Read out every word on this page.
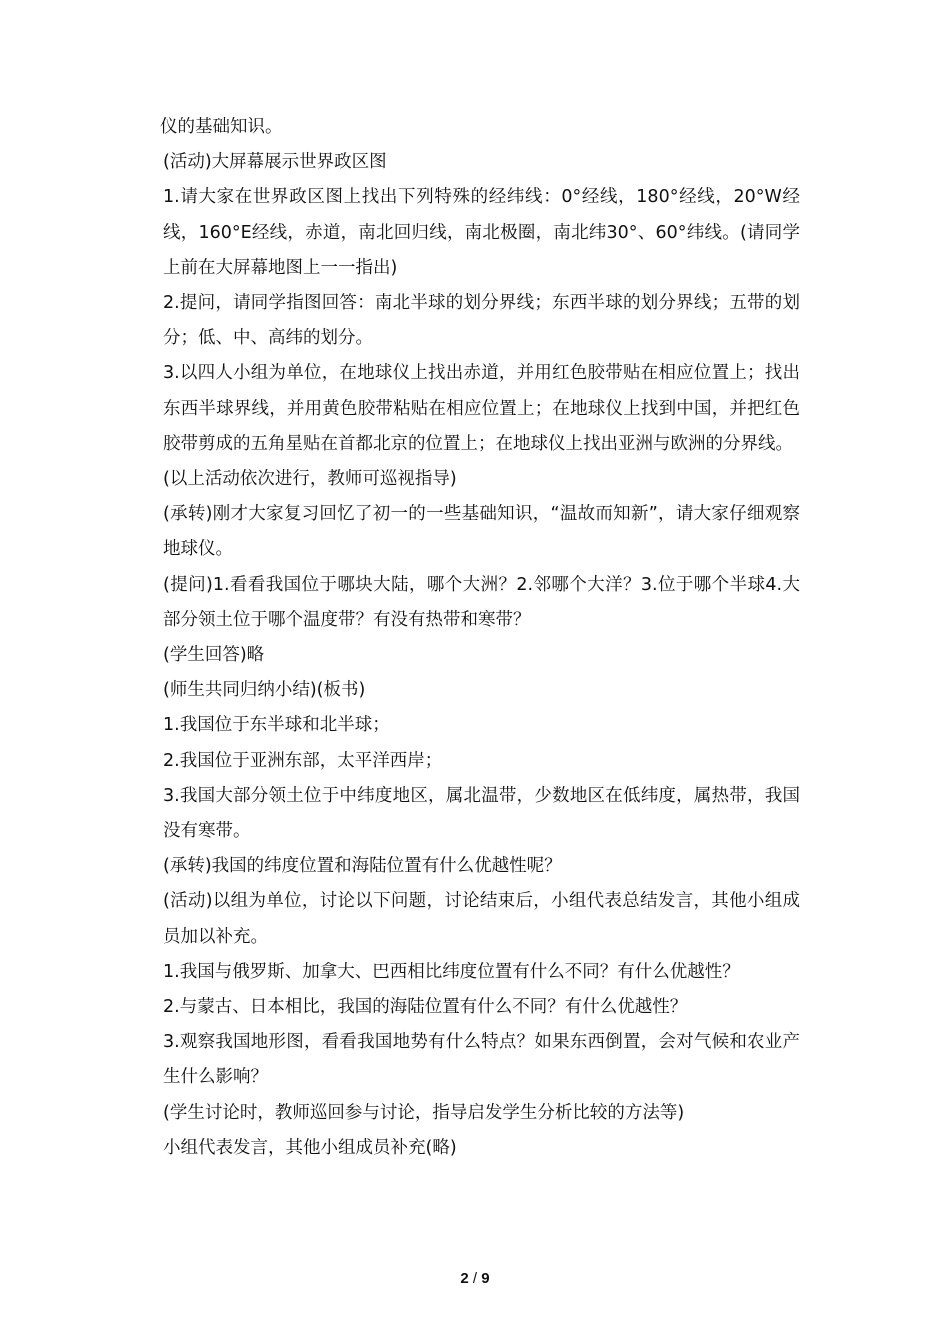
仪的基础知识。

(活动)大屏幕展示世界政区图

1.请大家在世界政区图上找出下列特殊的经纬线：0°经线，180°经线，20°W经线，160°E经线，赤道，南北回归线，南北极圈，南北纬30°、60°纬线。(请同学上前在大屏幕地图上一一指出)

2.提问，请同学指图回答：南北半球的划分界线；东西半球的划分界线；五带的划分；低、中、高纬的划分。

3.以四人小组为单位，在地球仪上找出赤道，并用红色胶带贴在相应位置上；找出东西半球界线，并用黄色胶带粘贴在相应位置上；在地球仪上找到中国，并把红色胶带剪成的五角星贴在首都北京的位置上；在地球仪上找出亚洲与欧洲的分界线。

(以上活动依次进行，教师可巡视指导)

(承转)刚才大家复习回忆了初一的一些基础知识，“温故而知新”，请大家仔细观察地球仪。

(提问)1.看看我国位于哪块大陆，哪个大洲？2.邻哪个大洋？3.位于哪个半球4.大部分领土位于哪个温度带？有没有热带和寒带？

(学生回答)略

(师生共同归纳小结)(板书)

1.我国位于东半球和北半球；

2.我国位于亚洲东部，太平洋西岸；

3.我国大部分领土位于中纬度地区，属北温带，少数地区在低纬度，属热带，我国没有寒带。

(承转)我国的纬度位置和海陆位置有什么优越性呢？

(活动)以组为单位，讨论以下问题，讨论结束后，小组代表总结发言，其他小组成员加以补充。

1.我国与俄罗斯、加拿大、巴西相比纬度位置有什么不同？有什么优越性？

2.与蒙古、日本相比，我国的海陆位置有什么不同？有什么优越性？

3.观察我国地形图，看看我国地势有什么特点？如果东西倒置，会对气候和农业产生什么影响？

(学生讨论时，教师巡回参与讨论，指导启发学生分析比较的方法等)

小组代表发言，其他小组成员补充(略)

2 / 9
